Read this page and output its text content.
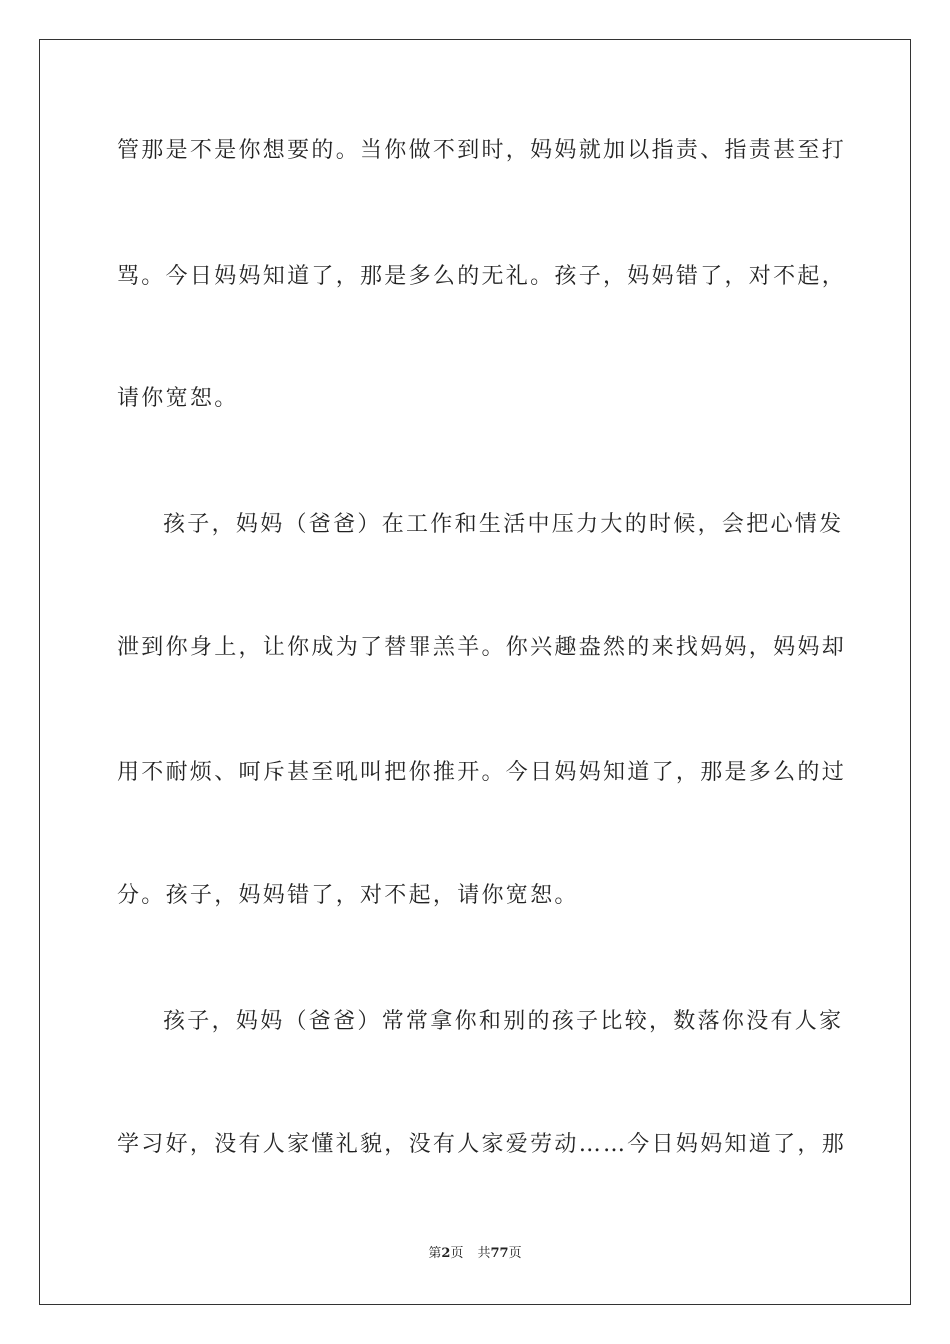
管那是不是你想要的。当你做不到时，妈妈就加以指责、指责甚至打
骂。今日妈妈知道了，那是多么的无礼。孩子，妈妈错了，对不起，
请你宽恕。
孩子，妈妈（爸爸）在工作和生活中压力大的时候，会把心情发
泄到你身上，让你成为了替罪羔羊。你兴趣盎然的来找妈妈，妈妈却
用不耐烦、呵斥甚至吼叫把你推开。今日妈妈知道了，那是多么的过
分。孩子，妈妈错了，对不起，请你宽恕。
孩子，妈妈（爸爸）常常拿你和别的孩子比较，数落你没有人家
学习好，没有人家懂礼貌，没有人家爱劳动……今日妈妈知道了，那
第2页 共77页
